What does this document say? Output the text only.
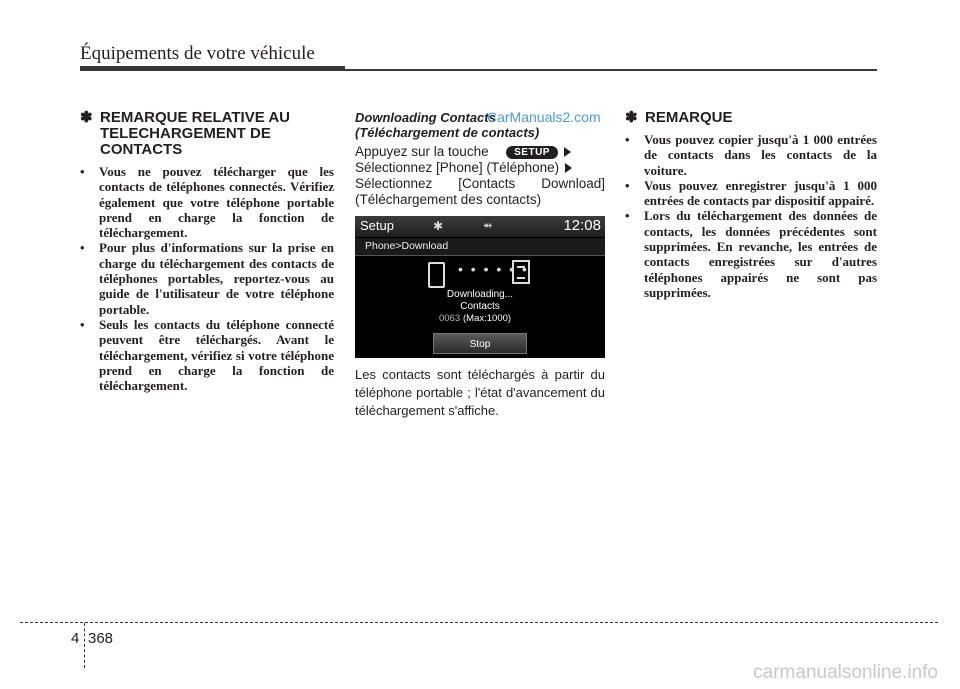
Équipements de votre véhicule
✽ REMARQUE RELATIVE AU TELECHARGEMENT DE CONTACTS
• Vous ne pouvez télécharger que les contacts de téléphones connectés. Vérifiez également que votre téléphone portable prend en charge la fonction de téléchargement.
• Pour plus d'informations sur la prise en charge du téléchargement des contacts de téléphones portables, reportez-vous au guide de l'utilisateur de votre téléphone portable.
• Seuls les contacts du téléphone connecté peuvent être téléchargés. Avant le téléchargement, vérifiez si votre téléphone prend en charge la fonction de téléchargement.

Downloading Contacts

(Téléchargement de contacts)

Appuyez sur la touche	SETUP

Sélectionnez [Phone] (Téléphone)

Sélectionnez [Contacts Download] (Téléchargement des contacts)

Setup	✱	⇴	12:08
Phone>Download
• • • • • •
Downloading...
Contacts
0063 (Max:1000)
Stop

Les contacts sont téléchargés à partir du téléphone portable ; l'état d'avancement du téléchargement s'affiche.

CarManuals2.com ✽ REMARQUE
• Vous pouvez copier jusqu'à 1 000 entrées de contacts dans les contacts de la voiture.
• Vous pouvez enregistrer jusqu'à 1 000 entrées de contacts par dispositif appairé.
• Lors du téléchargement des données de contacts, les données précédentes sont supprimées. En revanche, les entrées de contacts enregistrées sur d'autres téléphones appairés ne sont pas supprimées.
4 368
carmanualsonline.info
